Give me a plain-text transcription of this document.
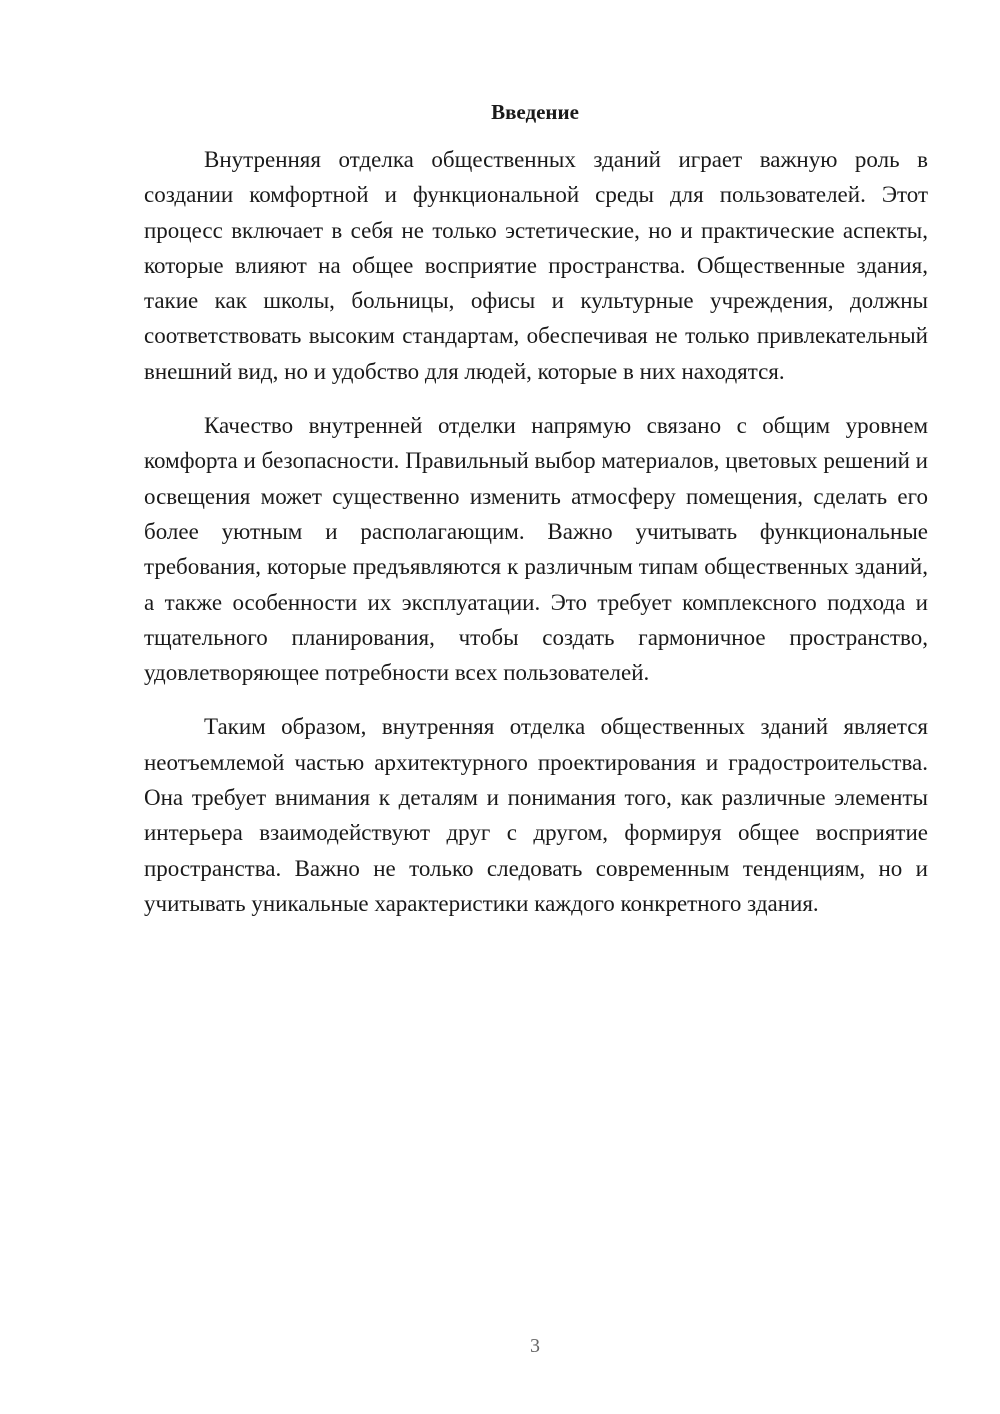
Введение

Внутренняя отделка общественных зданий играет важную роль в создании комфортной и функциональной среды для пользователей. Этот процесс включает в себя не только эстетические, но и практические аспекты, которые влияют на общее восприятие пространства. Общественные здания, такие как школы, больницы, офисы и культурные учреждения, должны соответствовать высоким стандартам, обеспечивая не только привлекательный внешний вид, но и удобство для людей, которые в них находятся.

Качество внутренней отделки напрямую связано с общим уровнем комфорта и безопасности. Правильный выбор материалов, цветовых решений и освещения может существенно изменить атмосферу помещения, сделать его более уютным и располагающим. Важно учитывать функциональные требования, которые предъявляются к различным типам общественных зданий, а также особенности их эксплуатации. Это требует комплексного подхода и тщательного планирования, чтобы создать гармоничное пространство, удовлетворяющее потребности всех пользователей.

Таким образом, внутренняя отделка общественных зданий является неотъемлемой частью архитектурного проектирования и градостроительства. Она требует внимания к деталям и понимания того, как различные элементы интерьера взаимодействуют друг с другом, формируя общее восприятие пространства. Важно не только следовать современным тенденциям, но и учитывать уникальные характеристики каждого конкретного здания.

3
